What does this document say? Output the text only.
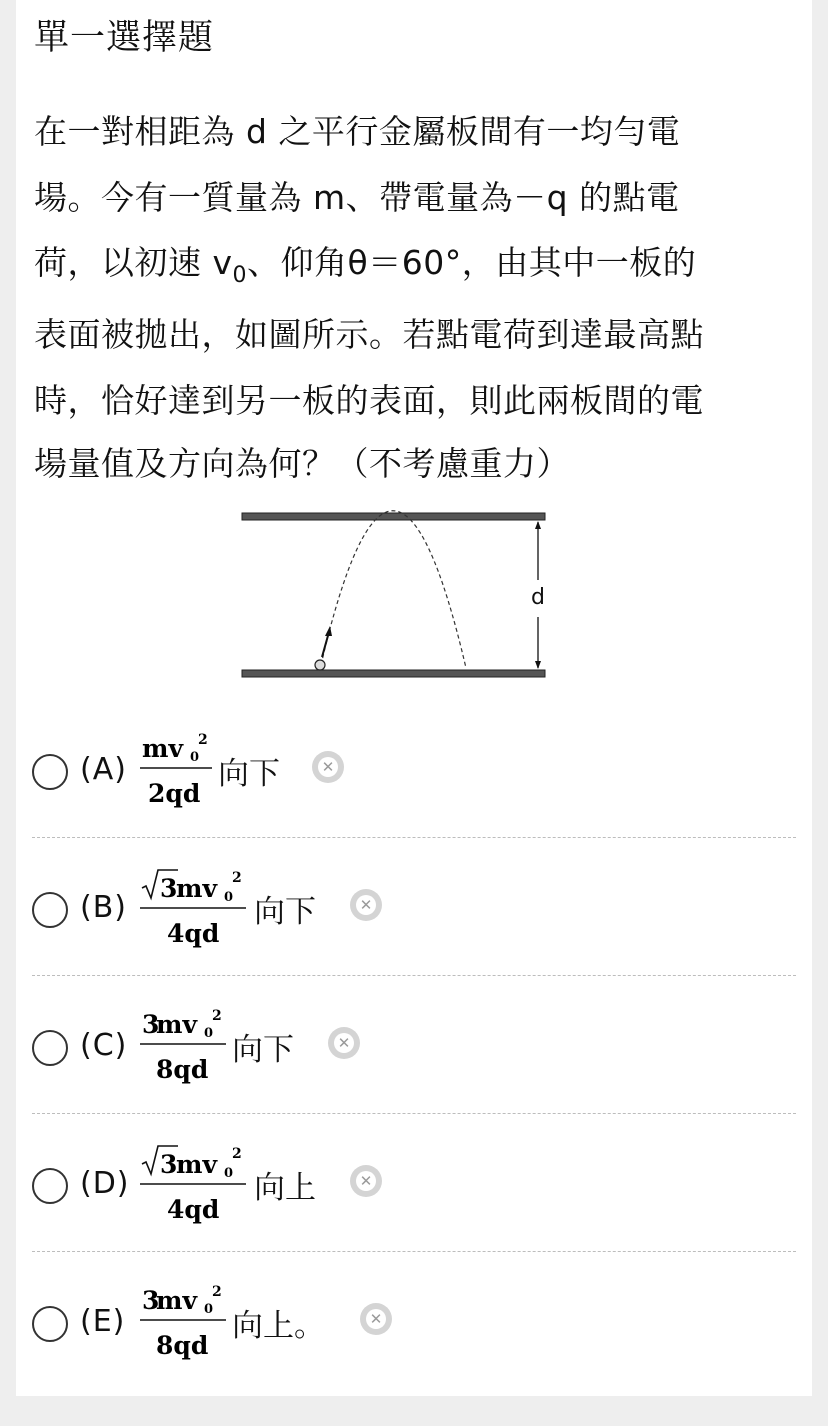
單一選擇題
在一對相距為 d 之平行金屬板間有一均勻電
場。今有一質量為 m、帶電量為－q 的點電
荷，以初速 $v_0$、仰角θ＝60°，由其中一板的
表面被拋出，如圖所示。若點電荷到達最高點
時，恰好達到另一板的表面，則此兩板間的電
場量值及方向為何？（不考慮重力）
d
(A)
mv 0
2
2qd
向下	✕
(B)
3
mv 0
2
4qd
向下	✕
(C)
3
mv 0
2
8qd
向下	✕
(D)
3
mv 0
2
4qd
向上	✕
(E)
3
mv 0
2
8qd
向上。	✕
